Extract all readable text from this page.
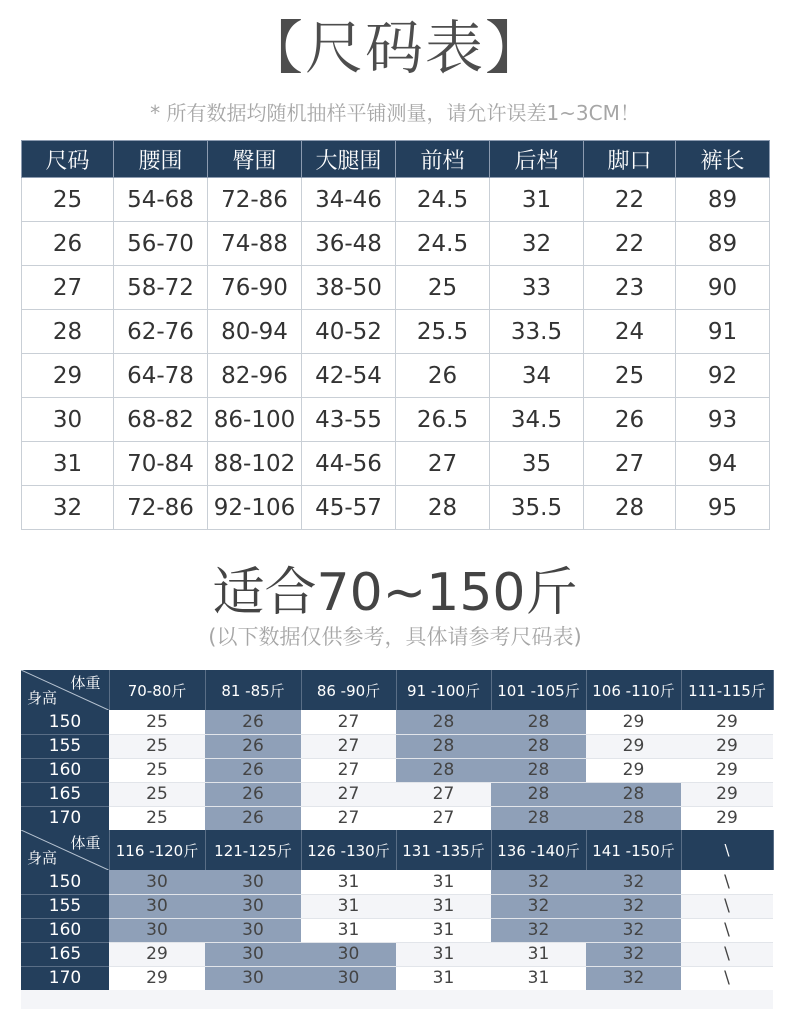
【尺码表】
* 所有数据均随机抽样平铺测量，请允许误差1~3CM！
尺码	腰围	臀围	大腿围	前档	后档	脚口	裤长
25	54-68	72-86	34-46	24.5	31	22	89
26	56-70	74-88	36-48	24.5	32	22	89
27	58-72	76-90	38-50	25	33	23	90
28	62-76	80-94	40-52	25.5	33.5	24	91
29	64-78	82-96	42-54	26	34	25	92
30	68-82	86-100	43-55	26.5	34.5	26	93
31	70-84	88-102	44-56	27	35	27	94
32	72-86	92-106	45-57	28	35.5	28	95
适合70~150斤
(以下数据仅供参考，具体请参考尺码表)
体重
身高	70-80斤	81 -85斤	86 -90斤	91 -100斤	101 -105斤	106 -110斤	111-115斤
150	25	26	27	28	28	29	29
155	25	26	27	28	28	29	29
160	25	26	27	28	28	29	29
165	25	26	27	27	28	28	29
170	25	26	27	27	28	28	29
体重
身高	116 -120斤	121-125斤	126 -130斤	131 -135斤	136 -140斤	141 -150斤	\
150	30	30	31	31	32	32	\
155	30	30	31	31	32	32	\
160	30	30	31	31	32	32	\
165	29	30	30	31	31	32	\
170	29	30	30	31	31	32	\
